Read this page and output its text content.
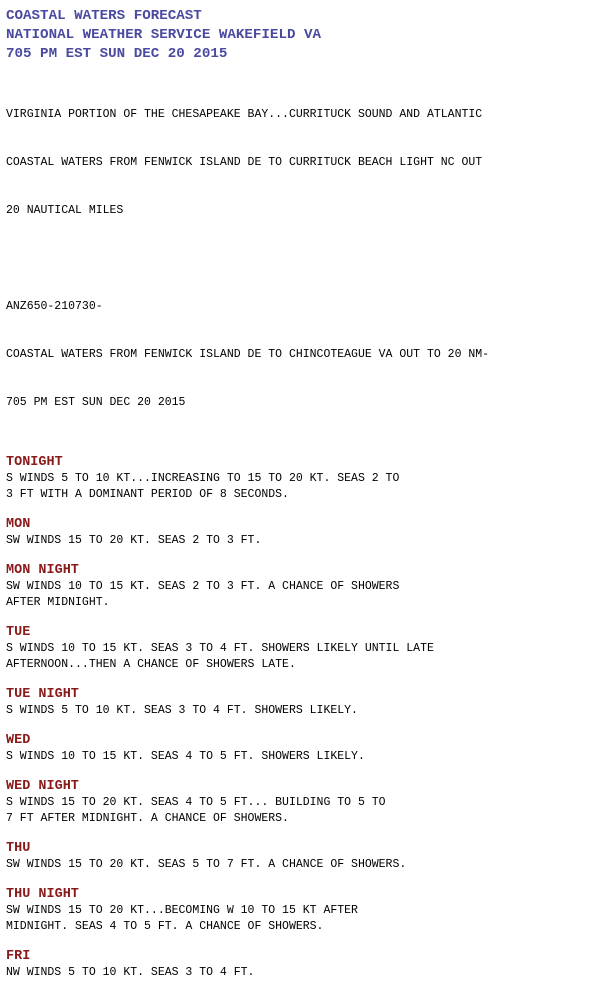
COASTAL WATERS FORECAST
NATIONAL WEATHER SERVICE WAKEFIELD VA
705 PM EST SUN DEC 20 2015

VIRGINIA PORTION OF THE CHESAPEAKE BAY...CURRITUCK SOUND AND ATLANTIC

COASTAL WATERS FROM FENWICK ISLAND DE TO CURRITUCK BEACH LIGHT NC OUT

20 NAUTICAL MILES

ANZ650-210730-

COASTAL WATERS FROM FENWICK ISLAND DE TO CHINCOTEAGUE VA OUT TO 20 NM-

705 PM EST SUN DEC 20 2015

TONIGHT
S WINDS 5 TO 10 KT...INCREASING TO 15 TO 20 KT. SEAS 2 TO
3 FT WITH A DOMINANT PERIOD OF 8 SECONDS.
MON
SW WINDS 15 TO 20 KT. SEAS 2 TO 3 FT.
MON NIGHT
SW WINDS 10 TO 15 KT. SEAS 2 TO 3 FT. A CHANCE OF SHOWERS
AFTER MIDNIGHT.
TUE
S WINDS 10 TO 15 KT. SEAS 3 TO 4 FT. SHOWERS LIKELY UNTIL LATE
AFTERNOON...THEN A CHANCE OF SHOWERS LATE.
TUE NIGHT
S WINDS 5 TO 10 KT. SEAS 3 TO 4 FT. SHOWERS LIKELY.
WED
S WINDS 10 TO 15 KT. SEAS 4 TO 5 FT. SHOWERS LIKELY.
WED NIGHT
S WINDS 15 TO 20 KT. SEAS 4 TO 5 FT... BUILDING TO 5 TO
7 FT AFTER MIDNIGHT. A CHANCE OF SHOWERS.
THU
SW WINDS 15 TO 20 KT. SEAS 5 TO 7 FT. A CHANCE OF SHOWERS.
THU NIGHT
SW WINDS 15 TO 20 KT...BECOMING W 10 TO 15 KT AFTER
MIDNIGHT. SEAS 4 TO 5 FT. A CHANCE OF SHOWERS.
FRI
NW WINDS 5 TO 10 KT. SEAS 3 TO 4 FT.
